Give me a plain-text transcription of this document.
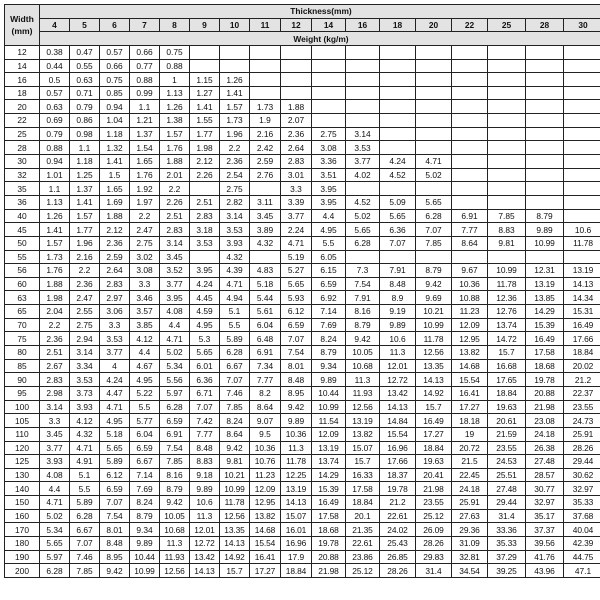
Width
(mm)	Thickness(mm)																
	4	5	6	7	8	9	10	11	12	14	16	18	20	22	25	28	30
	Weight (kg/m)																
12	0.38	0.47	0.57	0.66	0.75												
14	0.44	0.55	0.66	0.77	0.88												
16	0.5	0.63	0.75	0.88	1	1.15	1.26										
18	0.57	0.71	0.85	0.99	1.13	1.27	1.41										
20	0.63	0.79	0.94	1.1	1.26	1.41	1.57	1.73	1.88								
22	0.69	0.86	1.04	1.21	1.38	1.55	1.73	1.9	2.07								
25	0.79	0.98	1.18	1.37	1.57	1.77	1.96	2.16	2.36	2.75	3.14						
28	0.88	1.1	1.32	1.54	1.76	1.98	2.2	2.42	2.64	3.08	3.53						
30	0.94	1.18	1.41	1.65	1.88	2.12	2.36	2.59	2.83	3.36	3.77	4.24	4.71				
32	1.01	1.25	1.5	1.76	2.01	2.26	2.54	2.76	3.01	3.51	4.02	4.52	5.02				
35	1.1	1.37	1.65	1.92	2.2		2.75		3.3	3.95							
36	1.13	1.41	1.69	1.97	2.26	2.51	2.82	3.11	3.39	3.95	4.52	5.09	5.65				
40	1.26	1.57	1.88	2.2	2.51	2.83	3.14	3.45	3.77	4.4	5.02	5.65	6.28	6.91	7.85	8.79	
45	1.41	1.77	2.12	2.47	2.83	3.18	3.53	3.89	2.24	4.95	5.65	6.36	7.07	7.77	8.83	9.89	10.6
50	1.57	1.96	2.36	2.75	3.14	3.53	3.93	4.32	4.71	5.5	6.28	7.07	7.85	8.64	9.81	10.99	11.78
55	1.73	2.16	2.59	3.02	3.45		4.32		5.19	6.05							
56	1.76	2.2	2.64	3.08	3.52	3.95	4.39	4.83	5.27	6.15	7.3	7.91	8.79	9.67	10.99	12.31	13.19
60	1.88	2.36	2.83	3.3	3.77	4.24	4.71	5.18	5.65	6.59	7.54	8.48	9.42	10.36	11.78	13.19	14.13
63	1.98	2.47	2.97	3.46	3.95	4.45	4.94	5.44	5.93	6.92	7.91	8.9	9.69	10.88	12.36	13.85	14.34
65	2.04	2.55	3.06	3.57	4.08	4.59	5.1	5.61	6.12	7.14	8.16	9.19	10.21	11.23	12.76	14.29	15.31
70	2.2	2.75	3.3	3.85	4.4	4.95	5.5	6.04	6.59	7.69	8.79	9.89	10.99	12.09	13.74	15.39	16.49
75	2.36	2.94	3.53	4.12	4.71	5.3	5.89	6.48	7.07	8.24	9.42	10.6	11.78	12.95	14.72	16.49	17.66
80	2.51	3.14	3.77	4.4	5.02	5.65	6.28	6.91	7.54	8.79	10.05	11.3	12.56	13.82	15.7	17.58	18.84
85	2.67	3.34	4	4.67	5.34	6.01	6.67	7.34	8.01	9.34	10.68	12.01	13.35	14.68	16.68	18.68	20.02
90	2.83	3.53	4.24	4.95	5.56	6.36	7.07	7.77	8.48	9.89	11.3	12.72	14.13	15.54	17.65	19.78	21.2
95	2.98	3.73	4.47	5.22	5.97	6.71	7.46	8.2	8.95	10.44	11.93	13.42	14.92	16.41	18.84	20.88	22.37
100	3.14	3.93	4.71	5.5	6.28	7.07	7.85	8.64	9.42	10.99	12.56	14.13	15.7	17.27	19.63	21.98	23.55
105	3.3	4.12	4.95	5.77	6.59	7.42	8.24	9.07	9.89	11.54	13.19	14.84	16.49	18.18	20.61	23.08	24.73
110	3.45	4.32	5.18	6.04	6.91	7.77	8.64	9.5	10.36	12.09	13.82	15.54	17.27	19	21.59	24.18	25.91
120	3.77	4.71	5.65	6.59	7.54	8.48	9.42	10.36	11.3	13.19	15.07	16.96	18.84	20.72	23.55	26.38	28.26
125	3.93	4.91	5.89	6.67	7.85	8.83	9.81	10.76	11.78	13.74	15.7	17.66	19.63	21.5	24.53	27.48	29.44
130	4.08	5.1	6.12	7.14	8.16	9.18	10.21	11.23	12.25	14.29	16.33	18.37	20.41	22.45	25.51	28.57	30.62
140	4.4	5.5	6.59	7.69	8.79	9.89	10.99	12.09	13.19	15.39	17.58	19.78	21.98	24.18	27.48	30.77	32.97
150	4.71	5.89	7.07	8.24	9.42	10.6	11.78	12.95	14.13	16.49	18.84	21.2	23.55	25.91	29.44	32.97	35.33
160	5.02	6.28	7.54	8.79	10.05	11.3	12.56	13.82	15.07	17.58	20.1	22.61	25.12	27.63	31.4	35.17	37.68
170	5.34	6.67	8.01	9.34	10.68	12.01	13.35	14.68	16.01	18.68	21.35	24.02	26.09	29.36	33.36	37.37	40.04
180	5.65	7.07	8.48	9.89	11.3	12.72	14.13	15.54	16.96	19.78	22.61	25.43	28.26	31.09	35.33	39.56	42.39
190	5.97	7.46	8.95	10.44	11.93	13.42	14.92	16.41	17.9	20.88	23.86	26.85	29.83	32.81	37.29	41.76	44.75
200	6.28	7.85	9.42	10.99	12.56	14.13	15.7	17.27	18.84	21.98	25.12	28.26	31.4	34.54	39.25	43.96	47.1
